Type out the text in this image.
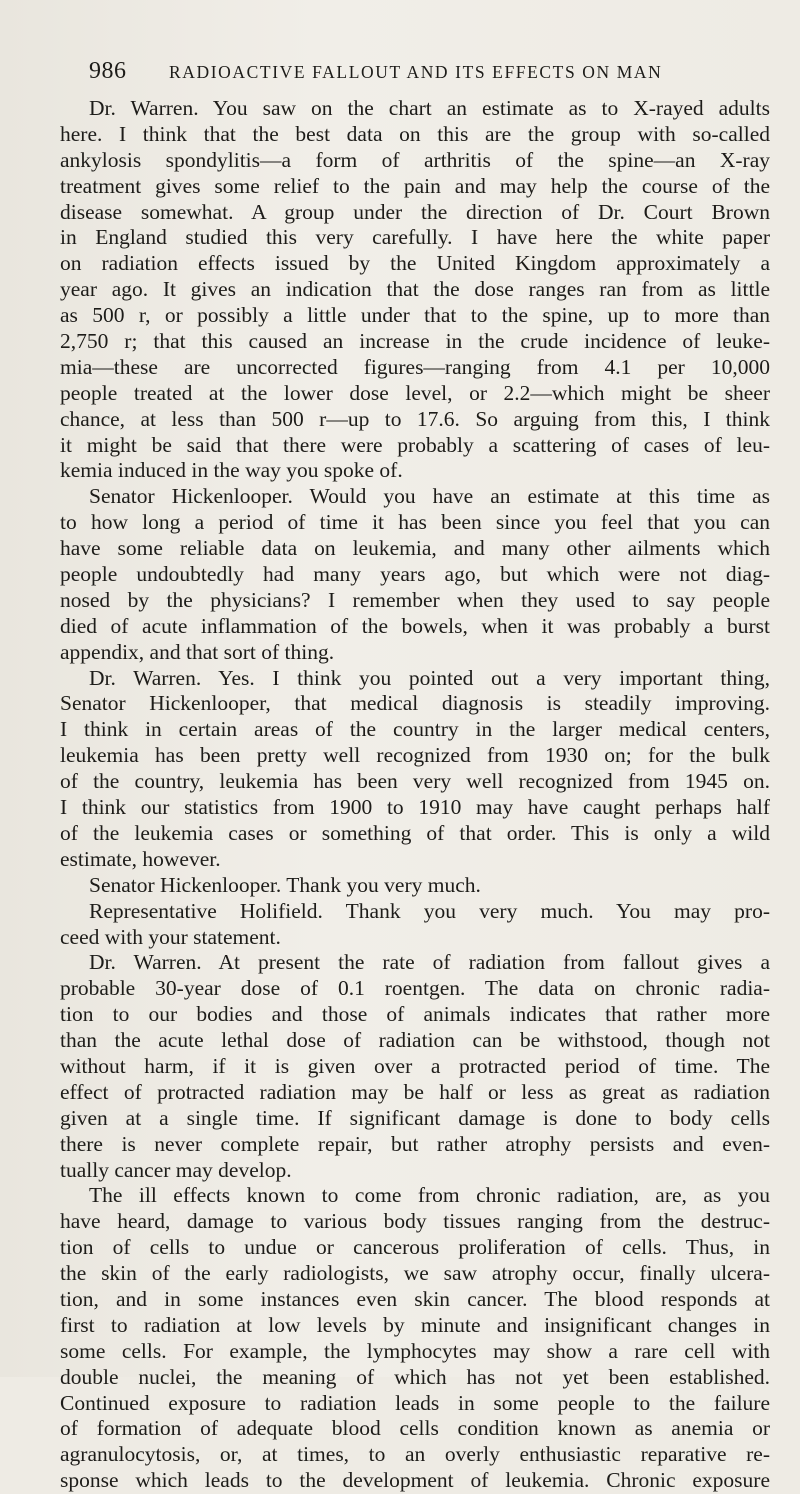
986	RADIOACTIVE FALLOUT AND ITS EFFECTS ON MAN
Dr. Warren. You saw on the chart an estimate as to X-rayed adults
here. I think that the best data on this are the group with so-called
ankylosis spondylitis—a form of arthritis of the spine—an X-ray
treatment gives some relief to the pain and may help the course of the
disease somewhat. A group under the direction of Dr. Court Brown
in England studied this very carefully. I have here the white paper
on radiation effects issued by the United Kingdom approximately a
year ago. It gives an indication that the dose ranges ran from as little
as 500 r, or possibly a little under that to the spine, up to more than
2,750 r; that this caused an increase in the crude incidence of leuke-
mia—these are uncorrected figures—ranging from 4.1 per 10,000
people treated at the lower dose level, or 2.2—which might be sheer
chance, at less than 500 r—up to 17.6. So arguing from this, I think
it might be said that there were probably a scattering of cases of leu-
kemia induced in the way you spoke of.
Senator Hickenlooper. Would you have an estimate at this time as
to how long a period of time it has been since you feel that you can
have some reliable data on leukemia, and many other ailments which
people undoubtedly had many years ago, but which were not diag-
nosed by the physicians? I remember when they used to say people
died of acute inflammation of the bowels, when it was probably a burst
appendix, and that sort of thing.
Dr. Warren. Yes. I think you pointed out a very important thing,
Senator Hickenlooper, that medical diagnosis is steadily improving.
I think in certain areas of the country in the larger medical centers,
leukemia has been pretty well recognized from 1930 on; for the bulk
of the country, leukemia has been very well recognized from 1945 on.
I think our statistics from 1900 to 1910 may have caught perhaps half
of the leukemia cases or something of that order. This is only a wild
estimate, however.
Senator Hickenlooper. Thank you very much.
Representative Holifield. Thank you very much. You may pro-
ceed with your statement.
Dr. Warren. At present the rate of radiation from fallout gives a
probable 30-year dose of 0.1 roentgen. The data on chronic radia-
tion to our bodies and those of animals indicates that rather more
than the acute lethal dose of radiation can be withstood, though not
without harm, if it is given over a protracted period of time. The
effect of protracted radiation may be half or less as great as radiation
given at a single time. If significant damage is done to body cells
there is never complete repair, but rather atrophy persists and even-
tually cancer may develop.
The ill effects known to come from chronic radiation, are, as you
have heard, damage to various body tissues ranging from the destruc-
tion of cells to undue or cancerous proliferation of cells. Thus, in
the skin of the early radiologists, we saw atrophy occur, finally ulcera-
tion, and in some instances even skin cancer. The blood responds at
first to radiation at low levels by minute and insignificant changes in
some cells. For example, the lymphocytes may show a rare cell with
double nuclei, the meaning of which has not yet been established.
Continued exposure to radiation leads in some people to the failure
of formation of adequate blood cells condition known as anemia or
agranulocytosis, or, at times, to an overly enthusiastic reparative re-
sponse which leads to the development of leukemia. Chronic exposure
